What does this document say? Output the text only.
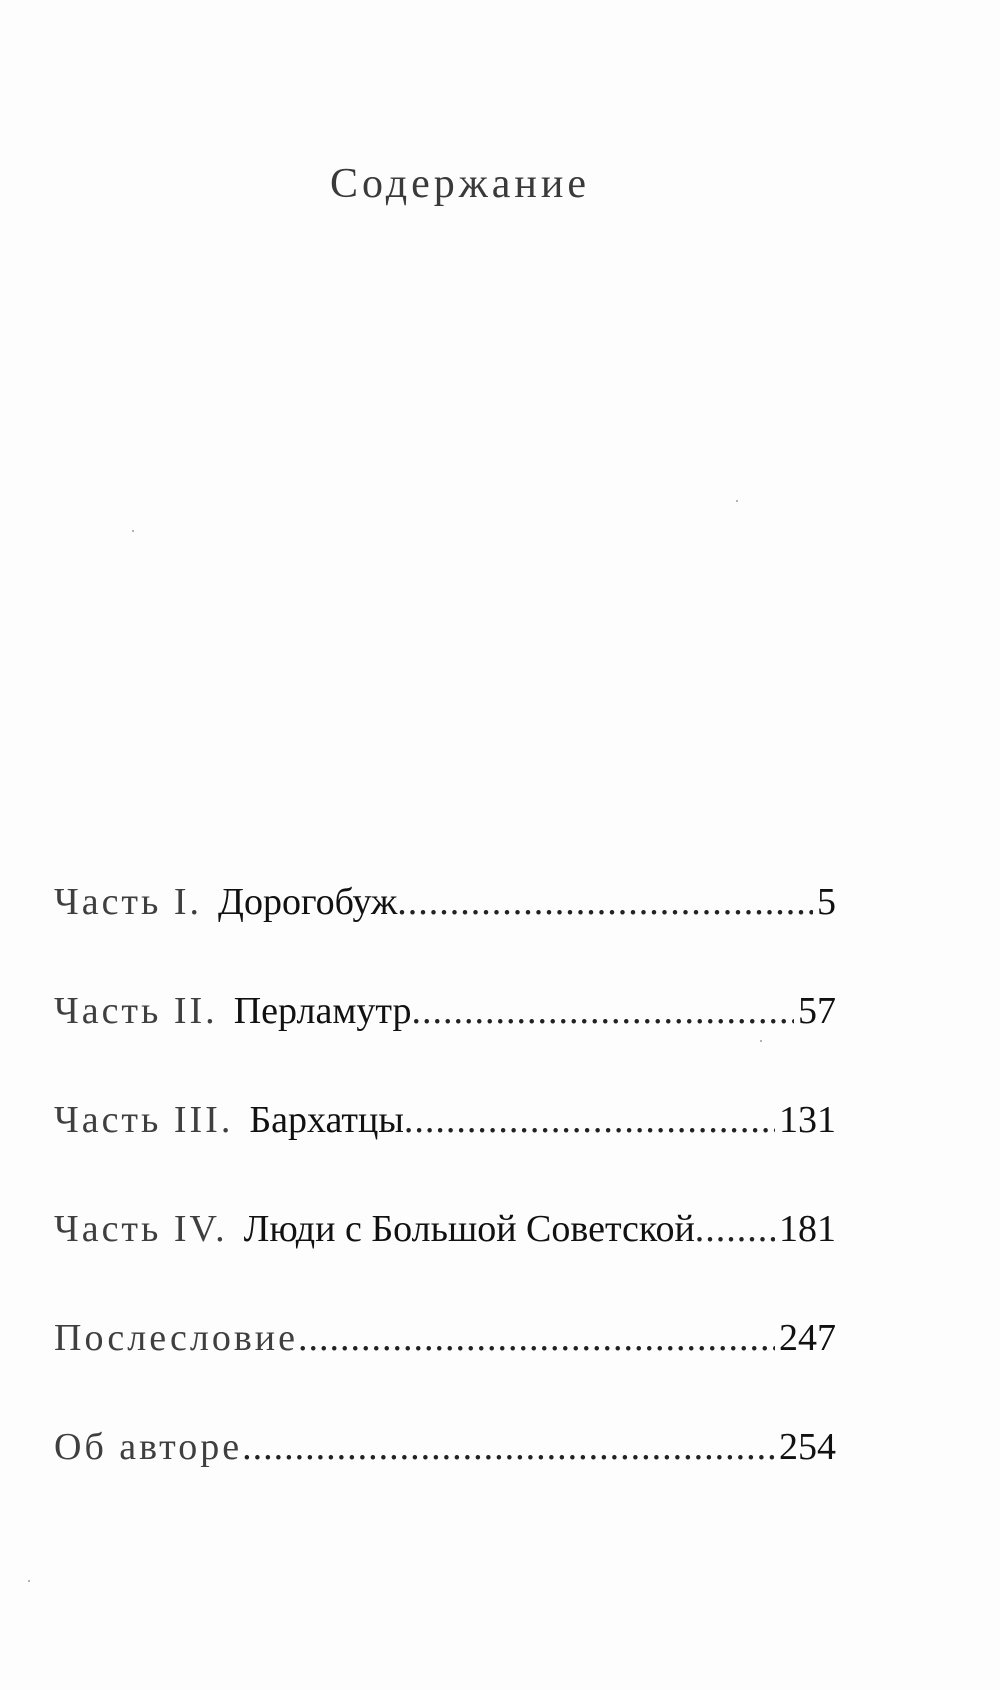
Содержание
Часть I. Дорогобуж .....	5
Часть II. Перламутр .....	57
Часть III. Бархатцы .....	131
Часть IV. Люди с Большой Советской ..... 181
Послесловие .....	247
Об авторе .....	254
